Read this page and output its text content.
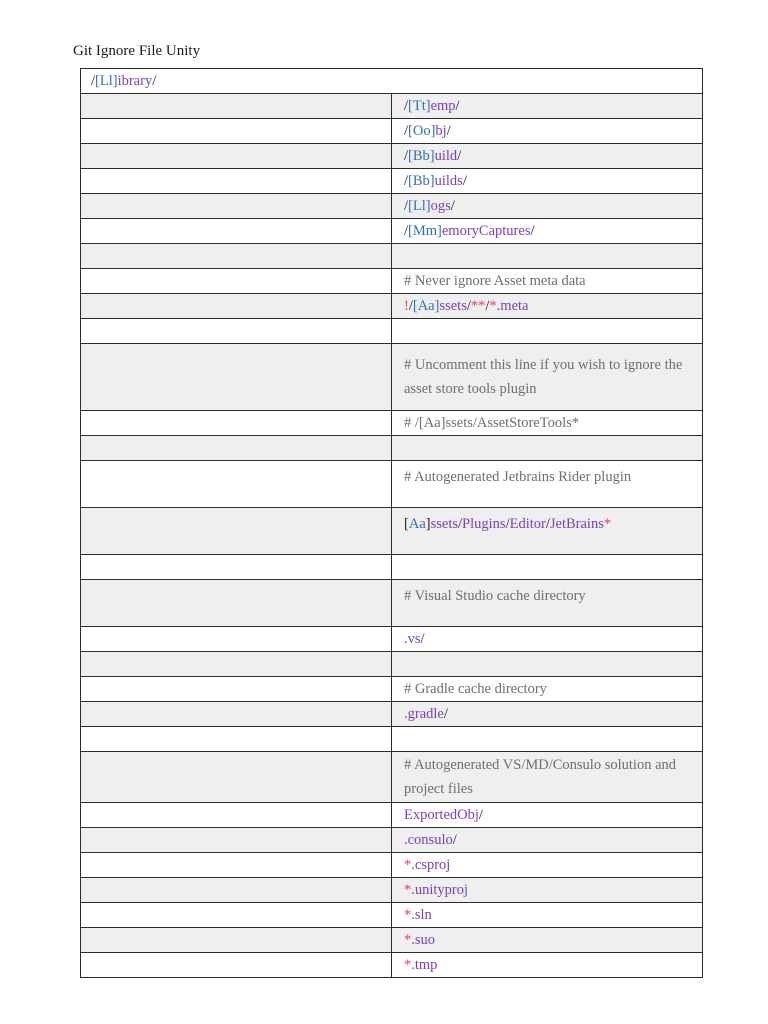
Git Ignore File Unity
/[Ll]ibrary/	
	/[Tt]emp/
	/[Oo]bj/
	/[Bb]uild/
	/[Bb]uilds/
	/[Ll]ogs/
	/[Mm]emoryCaptures/

	# Never ignore Asset meta data
	!/[Aa]ssets/**/*.meta

	# Uncomment this line if you wish to ignore the asset store tools plugin
	# /[Aa]ssets/AssetStoreTools*

	# Autogenerated Jetbrains Rider plugin
	[Aa]ssets/Plugins/Editor/JetBrains*

	# Visual Studio cache directory
	.vs/

	# Gradle cache directory
	.gradle/

	# Autogenerated VS/MD/Consulo solution and project files
	ExportedObj/
	.consulo/
	*.csproj
	*.unityproj
	*.sln
	*.suo
	*.tmp
